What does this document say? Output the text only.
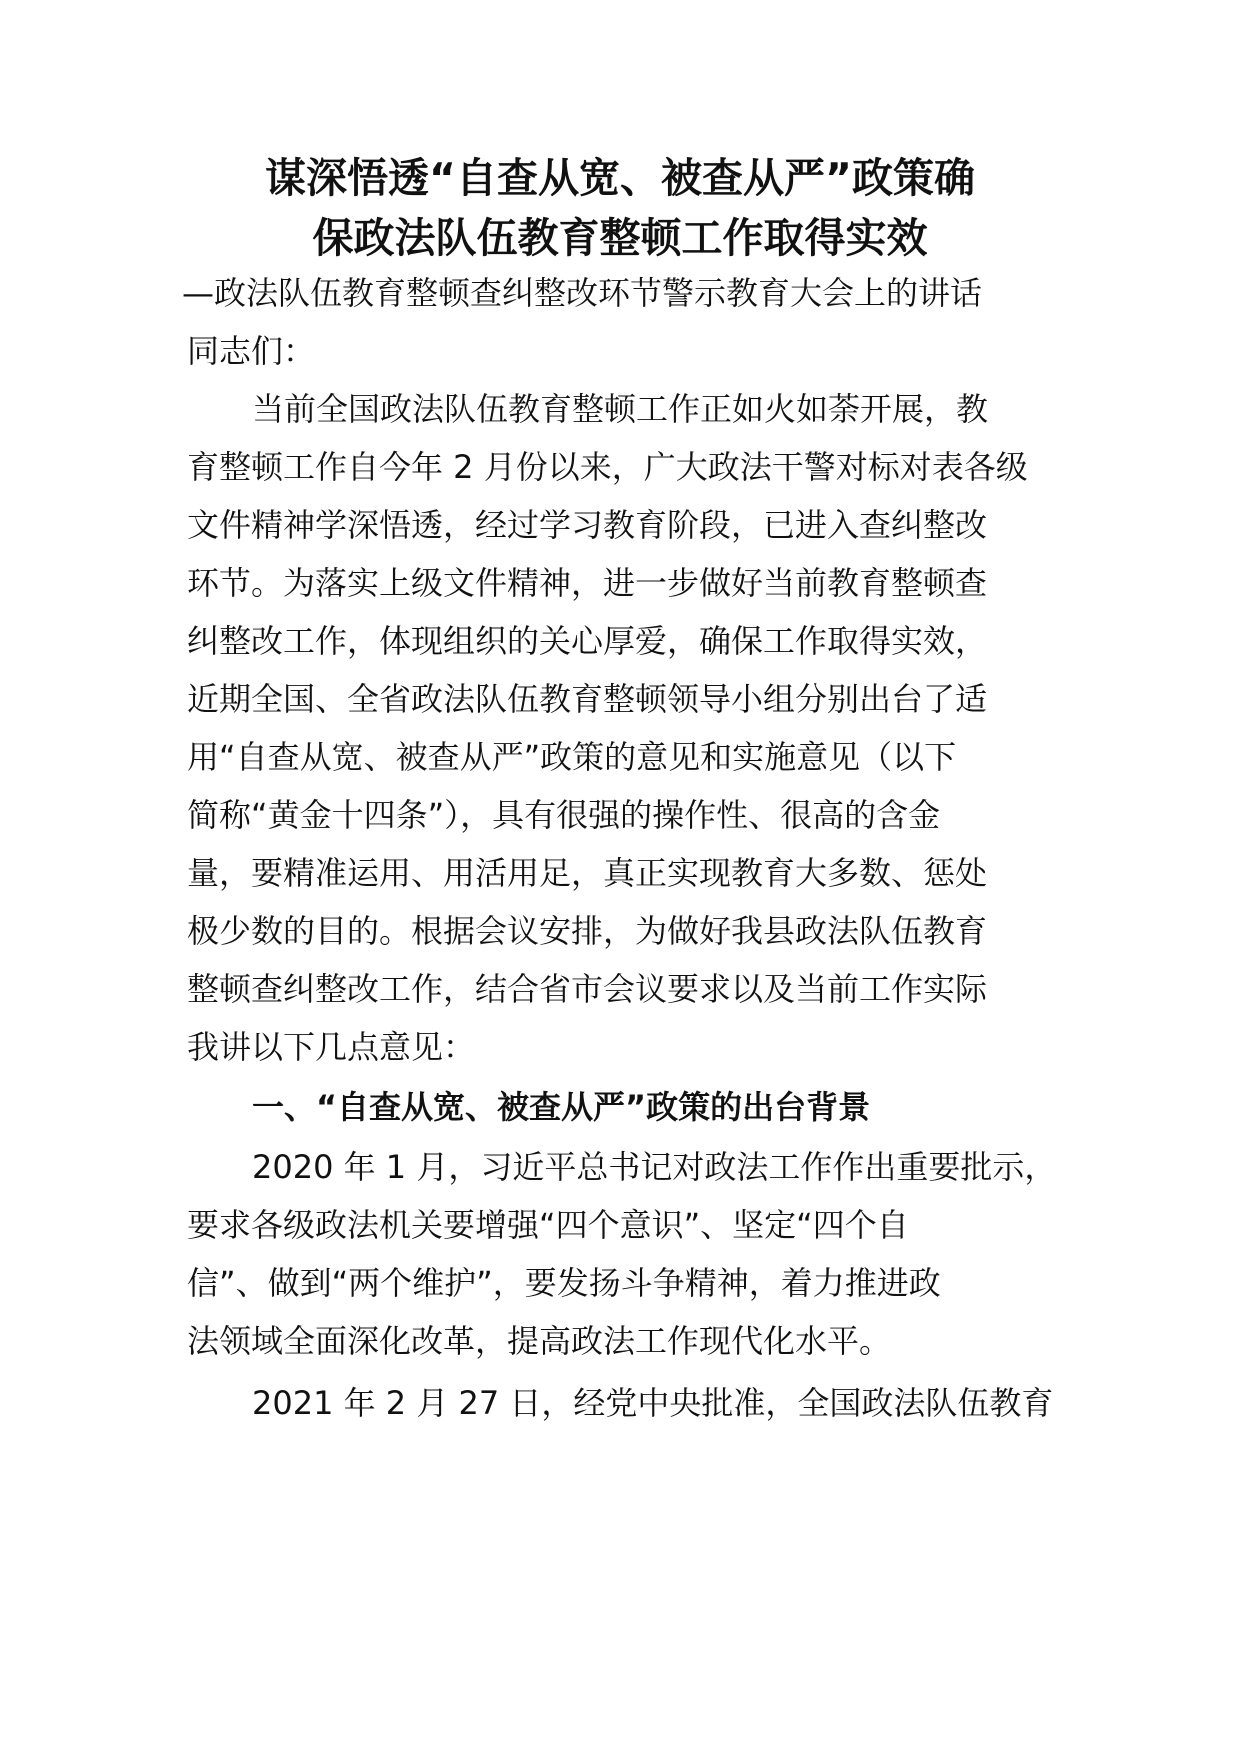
谋深悟透“自查从宽、被查从严”政策确
保政法队伍教育整顿工作取得实效
—政法队伍教育整顿查纠整改环节警示教育大会上的讲话
同志们：
当前全国政法队伍教育整顿工作正如火如荼开展，教
育整顿工作自今年 2 月份以来，广大政法干警对标对表各级
文件精神学深悟透，经过学习教育阶段，已进入查纠整改
环节。为落实上级文件精神，进一步做好当前教育整顿查
纠整改工作，体现组织的关心厚爱，确保工作取得实效，
近期全国、全省政法队伍教育整顿领导小组分别出台了适
用“自查从宽、被查从严”政策的意见和实施意见（以下
简称“黄金十四条”），具有很强的操作性、很高的含金
量，要精准运用、用活用足，真正实现教育大多数、惩处
极少数的目的。根据会议安排，为做好我县政法队伍教育
整顿查纠整改工作，结合省市会议要求以及当前工作实际
我讲以下几点意见：
一、“自查从宽、被查从严”政策的出台背景
2020 年 1 月，习近平总书记对政法工作作出重要批示，
要求各级政法机关要增强“四个意识”、坚定“四个自
信”、做到“两个维护”，要发扬斗争精神，着力推进政
法领域全面深化改革，提高政法工作现代化水平。
2021 年 2 月 27 日，经党中央批准，全国政法队伍教育
